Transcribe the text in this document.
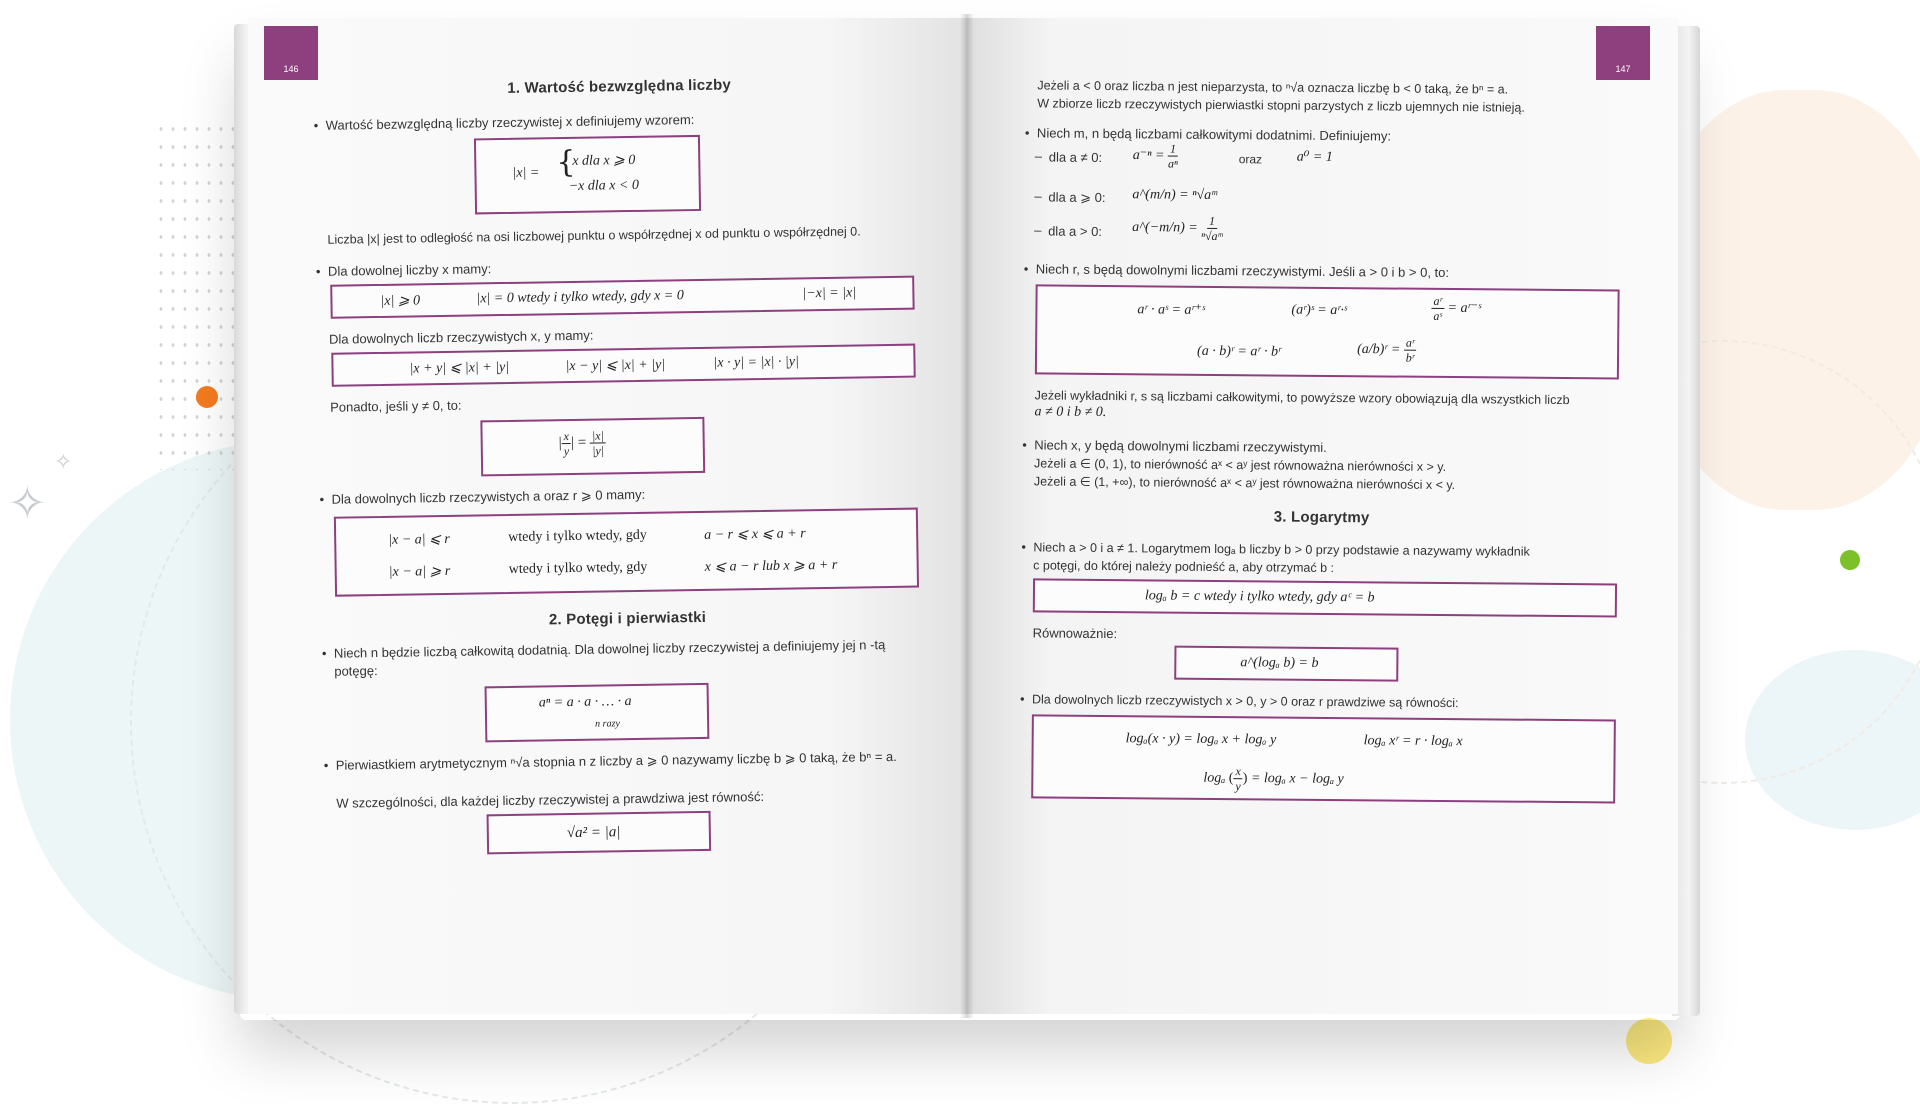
✧
✧
146
1. Wartość bezwzględna liczby
• Wartość bezwzględną liczby rzeczywistej x definiujemy wzorem:
|x| = {
x dla x ⩾ 0
−x dla x < 0
Liczba |x| jest to odległość na osi liczbowej punktu o współrzędnej x od punktu o współrzędnej 0.
• Dla dowolnej liczby x mamy:
|x| ⩾ 0	|x| = 0 wtedy i tylko wtedy, gdy x = 0	|−x| = |x|
Dla dowolnych liczb rzeczywistych x, y mamy:
|x + y| ⩽ |x| + |y|	|x − y| ⩽ |x| + |y|	|x · y| = |x| · |y|
Ponadto, jeśli y ≠ 0, to:
| $\frac{x}{y}$ | = $\frac{|x|}{|y|}$
• Dla dowolnych liczb rzeczywistych a oraz r ⩾ 0 mamy:
|x − a| ⩽ r	wtedy i tylko wtedy, gdy	a − r ⩽ x ⩽ a + r
|x − a| ⩾ r	wtedy i tylko wtedy, gdy	x ⩽ a − r lub x ⩾ a + r
2. Potęgi i pierwiastki
• Niech n będzie liczbą całkowitą dodatnią. Dla dowolnej liczby rzeczywistej a definiujemy jej n -tą potęgę:
aⁿ = a · a · … · a
n razy
• Pierwiastkiem arytmetycznym ⁿ√a stopnia n z liczby a ⩾ 0 nazywamy liczbę b ⩾ 0 taką, że bⁿ = a.
W szczególności, dla każdej liczby rzeczywistej a prawdziwa jest równość:
√a² = |a|
147
Jeżeli a < 0 oraz liczba n jest nieparzysta, to ⁿ√a oznacza liczbę b < 0 taką, że bⁿ = a.
W zbiorze liczb rzeczywistych pierwiastki stopni parzystych z liczb ujemnych nie istnieją.
• Niech m, n będą liczbami całkowitymi dodatnimi. Definiujemy:
– dla a ≠ 0: $a^{-n} = \frac{1}{\text{aⁿ}}$	oraz a⁰ = 1
– dla a ⩾ 0: a^(m/n) = ⁿ√aᵐ
– dla a > 0: a^(−m/n) = $\frac{1}{\text{ⁿ√aᵐ}}$
• Niech r, s będą dowolnymi liczbami rzeczywistymi. Jeśli a > 0 i b > 0, to:
aʳ · aˢ = aʳ⁺ˢ	(aʳ)ˢ = aʳ·ˢ	$\frac{\text{aʳ}}{\text{aˢ}}$ = aʳ⁻ˢ
(a · b)ʳ = aʳ · bʳ	(a/b)ʳ = $\frac{\text{aʳ}}{\text{bʳ}}$
Jeżeli wykładniki r, s są liczbami całkowitymi, to powyższe wzory obowiązują dla wszystkich liczb
a ≠ 0 i b ≠ 0.
• Niech x, y będą dowolnymi liczbami rzeczywistymi.
Jeżeli a ∈ (0, 1), to nierówność aˣ < aʸ jest równoważna nierówności x > y.
Jeżeli a ∈ (1, +∞), to nierówność aˣ < aʸ jest równoważna nierówności x < y.
3. Logarytmy
• Niech a > 0 i a ≠ 1. Logarytmem logₐ b liczby b > 0 przy podstawie a nazywamy wykładnik
c potęgi, do której należy podnieść a, aby otrzymać b :
logₐ b = c wtedy i tylko wtedy, gdy aᶜ = b
Równoważnie:
a^(logₐ b) = b
• Dla dowolnych liczb rzeczywistych x > 0, y > 0 oraz r prawdziwe są równości:
logₐ(x · y) = logₐ x + logₐ y	logₐ xʳ = r · logₐ x
logₐ ( $\frac{x}{y}$ ) = logₐ x − logₐ y
